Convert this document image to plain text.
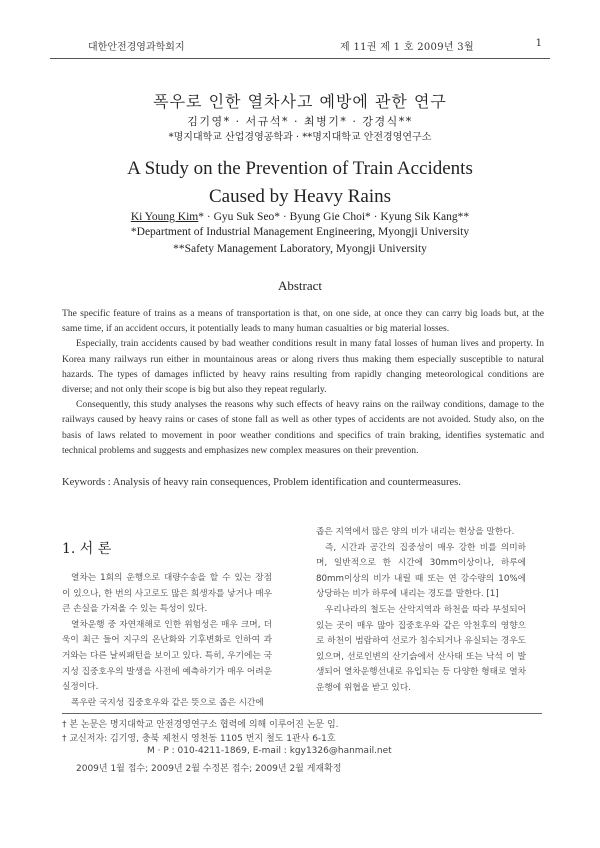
대한안전경영과학회지	제 11권 제 1 호 2009년 3월	1
폭우로 인한 열차사고 예방에 관한 연구
김기영* · 서규석* · 최병기* · 강경식**
*명지대학교 산업경영공학과 · **명지대학교 안전경영연구소
A Study on the Prevention of Train Accidents
Caused by Heavy Rains
Ki Young Kim* · Gyu Suk Seo* · Byung Gie Choi* · Kyung Sik Kang**
*Department of Industrial Management Engineering, Myongji University
**Safety Management Laboratory, Myongji University
Abstract

The specific feature of trains as a means of transportation is that, on one side, at once they can carry big loads but, at the same time, if an accident occurs, it potentially leads to many human casualties or big material losses.

Especially, train accidents caused by bad weather conditions result in many fatal losses of human lives and property. In Korea many railways run either in mountainous areas or along rivers thus making them especially susceptible to natural hazards. The types of damages inflicted by heavy rains resulting from rapidly changing meteorological conditions are diverse; and not only their scope is big but also they repeat regularly.

Consequently, this study analyses the reasons why such effects of heavy rains on the railway conditions, damage to the railways caused by heavy rains or cases of stone fall as well as other types of accidents are not avoided. Study also, on the basis of laws related to movement in poor weather conditions and specifics of train braking, identifies systematic and technical problems and suggests and emphasizes new complex measures on their prevention.

Keywords : Analysis of heavy rain consequences, Problem identification and countermeasures.
1. 서 론

열차는 1회의 운행으로 대량수송을 할 수 있는 장점이 있으나, 한 번의 사고로도 많은 희생자를 낳거나 매우 큰 손실을 가져올 수 있는 특성이 있다.

열차운행 중 자연재해로 인한 위험성은 매우 크며, 더욱이 최근 들어 지구의 온난화와 기후변화로 인하여 과거와는 다른 날씨패턴을 보이고 있다. 특히, 우기에는 국지성 집중호우의 발생을 사전에 예측하기가 매우 어려운 실정이다.

폭우란 국지성 집중호우와 같은 뜻으로 좁은 시간에

좁은 지역에서 많은 양의 비가 내리는 현상을 말한다.

즉, 시간과 공간의 집중성이 매우 강한 비를 의미하며, 일반적으로 한 시간에 30mm이상이나, 하루에 80mm이상의 비가 내릴 때 또는 연 강수량의 10%에 상당하는 비가 하루에 내리는 경도를 말한다. [1]

우리나라의 철도는 산악지역과 하천을 따라 부설되어 있는 곳이 매우 많아 집중호우와 같은 악천후의 영향으로 하천이 범람하여 선로가 침수되거나 유실되는 경우도 있으며, 선로인변의 산기슭에서 산사태 또는 낙석 이 발생되어 열차운행선내로 유입되는 등 다양한 형태로 열차운행에 위협을 받고 있다.

† 본 논문은 명지대학교 안전경영연구소 협력에 의해 이루어진 논문 임.
† 교신저자: 김기영, 충북 제천시 영천동 1105 번지 철도 1관사 6-1호
M · P : 010-4211-1869, E-mail : kgy1326@hanmail.net
2009년 1월 접수; 2009년 2월 수정본 접수; 2009년 2월 게재확정
